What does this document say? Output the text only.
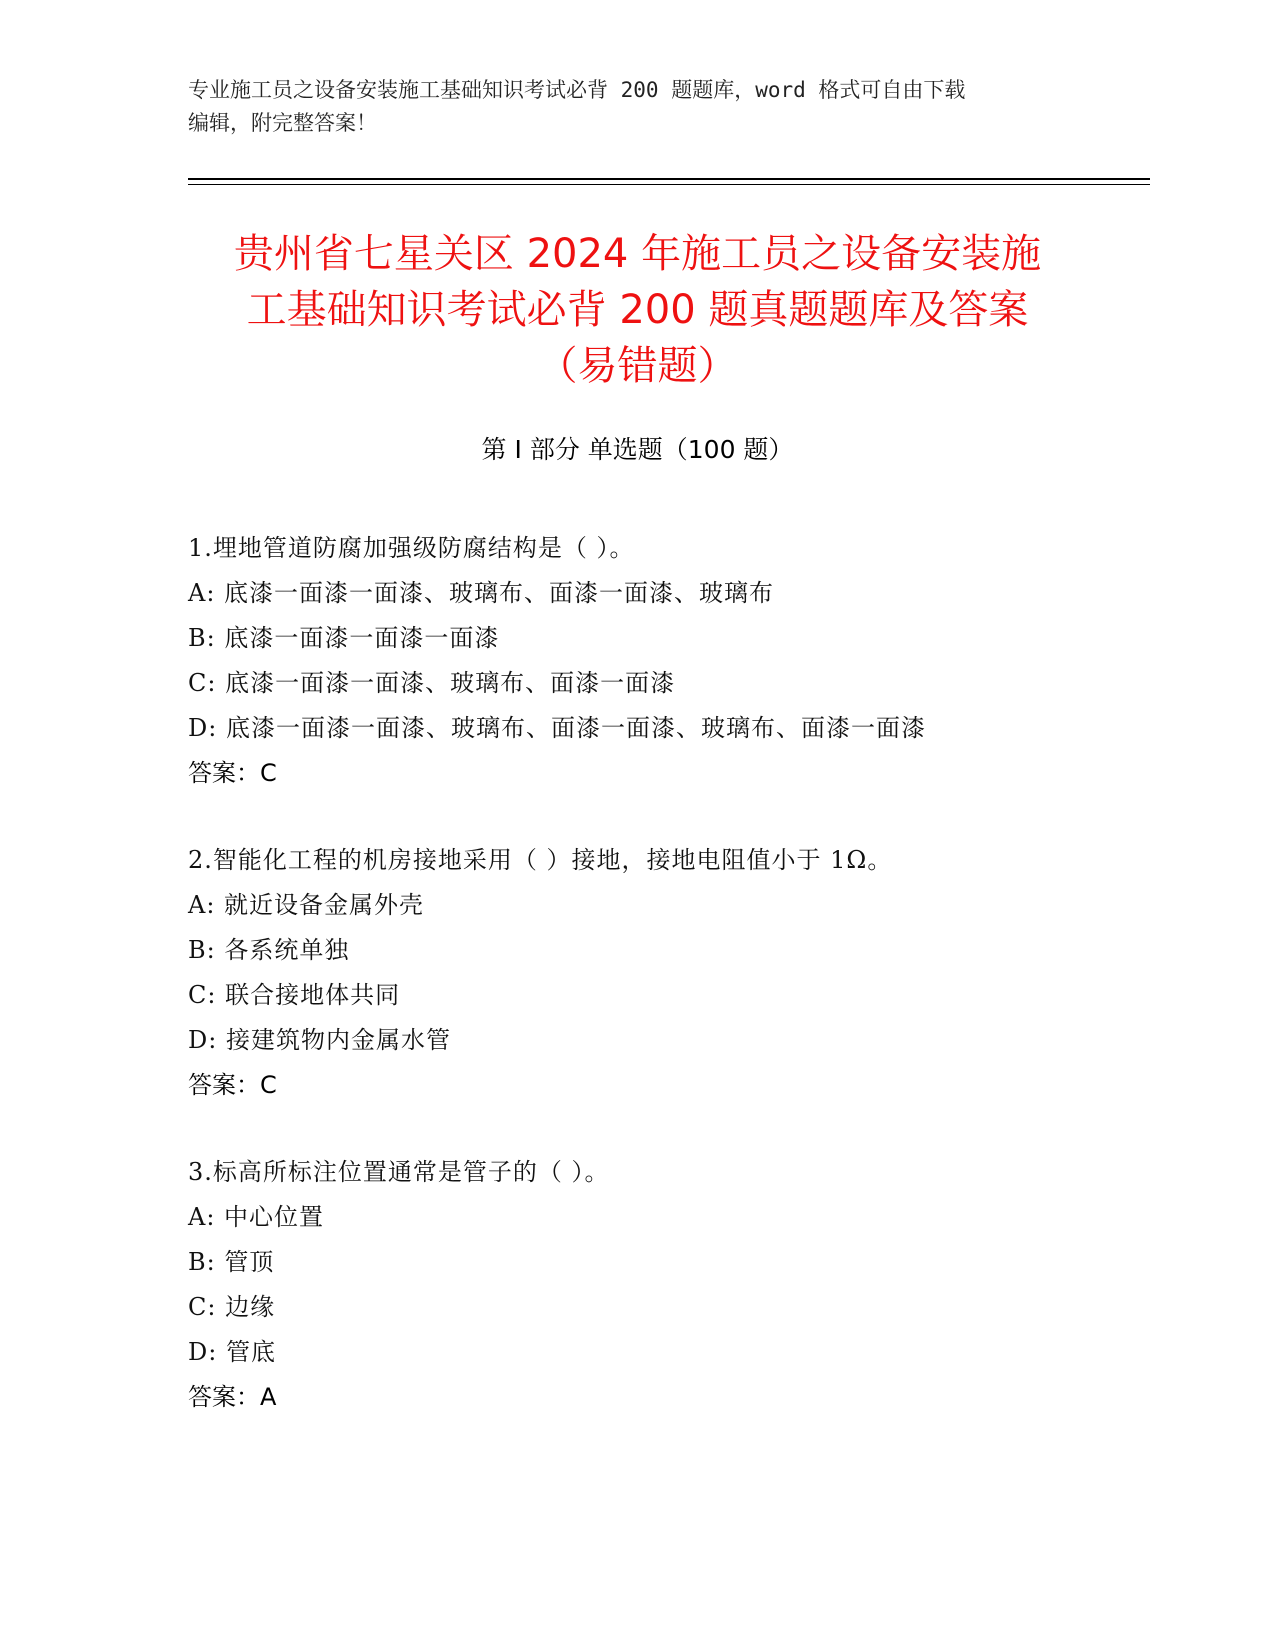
专业施工员之设备安装施工基础知识考试必背 200 题题库，word 格式可自由下载
编辑，附完整答案！
贵州省七星关区 2024 年施工员之设备安装施
工基础知识考试必背 200 题真题题库及答案
（易错题）
第 I 部分 单选题（100 题）
1.埋地管道防腐加强级防腐结构是（ ）。
A: 底漆一面漆一面漆、玻璃布、面漆一面漆、玻璃布
B: 底漆一面漆一面漆一面漆
C: 底漆一面漆一面漆、玻璃布、面漆一面漆
D: 底漆一面漆一面漆、玻璃布、面漆一面漆、玻璃布、面漆一面漆
答案：C
2.智能化工程的机房接地采用（ ）接地，接地电阻值小于 1Ω。
A: 就近设备金属外壳
B: 各系统单独
C: 联合接地体共同
D: 接建筑物内金属水管
答案：C
3.标高所标注位置通常是管子的（ ）。
A: 中心位置
B: 管顶
C: 边缘
D: 管底
答案：A
